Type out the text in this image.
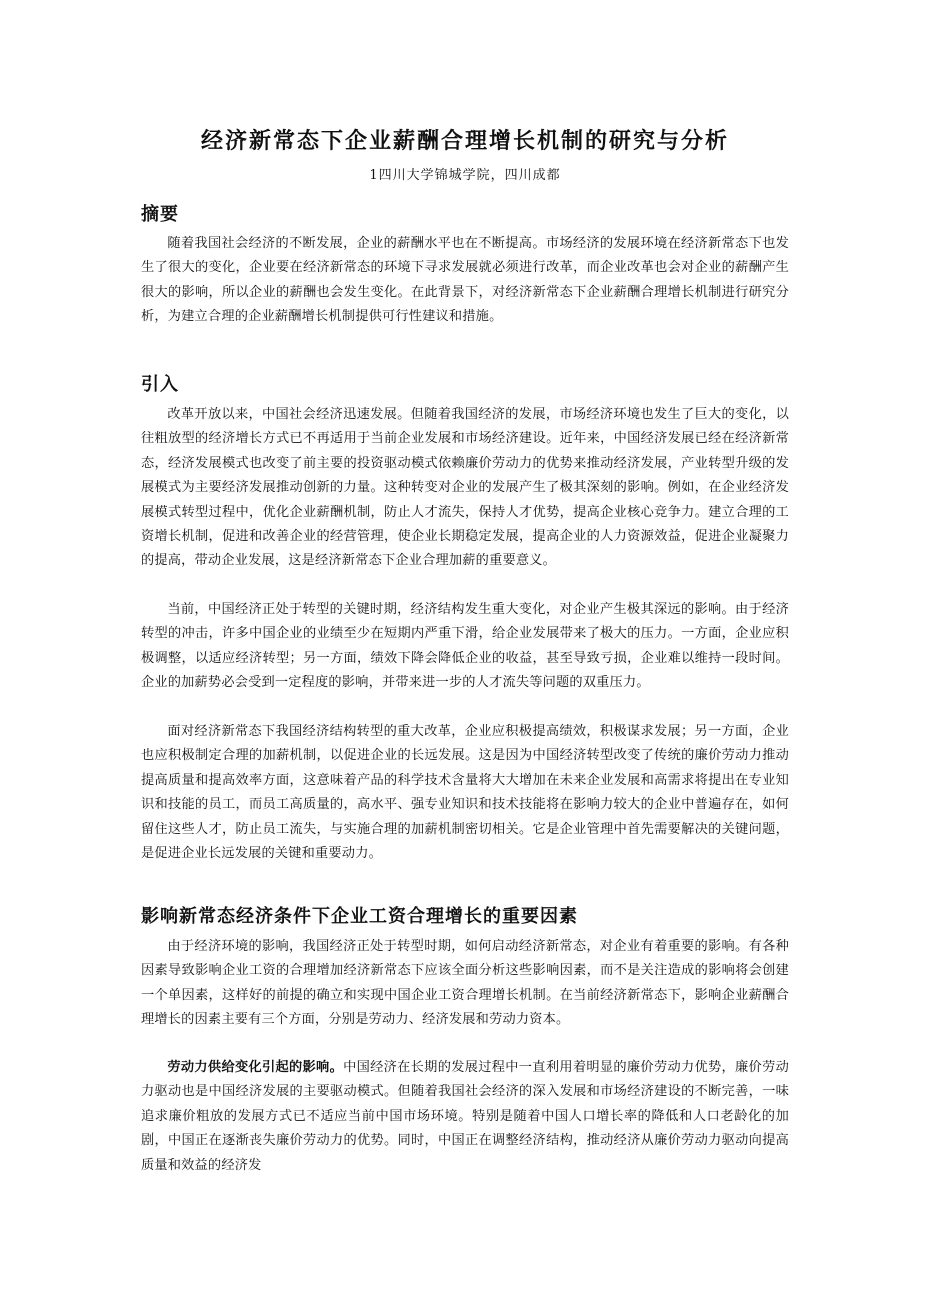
经济新常态下企业薪酬合理增长机制的研究与分析
1四川大学锦城学院，四川成都
摘要

随着我国社会经济的不断发展，企业的薪酬水平也在不断提高。市场经济的发展环境在经济新常态下也发生了很大的变化，企业要在经济新常态的环境下寻求发展就必须进行改革，而企业改革也会对企业的薪酬产生很大的影响，所以企业的薪酬也会发生变化。在此背景下，对经济新常态下企业薪酬合理增长机制进行研究分析，为建立合理的企业薪酬增长机制提供可行性建议和措施。

引入

改革开放以来，中国社会经济迅速发展。但随着我国经济的发展，市场经济环境也发生了巨大的变化，以往粗放型的经济增长方式已不再适用于当前企业发展和市场经济建设。近年来，中国经济发展已经在经济新常态，经济发展模式也改变了前主要的投资驱动模式依赖廉价劳动力的优势来推动经济发展，产业转型升级的发展模式为主要经济发展推动创新的力量。这种转变对企业的发展产生了极其深刻的影响。例如，在企业经济发展模式转型过程中，优化企业薪酬机制，防止人才流失，保持人才优势，提高企业核心竞争力。建立合理的工资增长机制，促进和改善企业的经营管理，使企业长期稳定发展，提高企业的人力资源效益，促进企业凝聚力的提高，带动企业发展，这是经济新常态下企业合理加薪的重要意义。

当前，中国经济正处于转型的关键时期，经济结构发生重大变化，对企业产生极其深远的影响。由于经济转型的冲击，许多中国企业的业绩至少在短期内严重下滑，给企业发展带来了极大的压力。一方面，企业应积极调整，以适应经济转型；另一方面，绩效下降会降低企业的收益，甚至导致亏损，企业难以维持一段时间。企业的加薪势必会受到一定程度的影响，并带来进一步的人才流失等问题的双重压力。

面对经济新常态下我国经济结构转型的重大改革，企业应积极提高绩效，积极谋求发展；另一方面，企业也应积极制定合理的加薪机制，以促进企业的长远发展。这是因为中国经济转型改变了传统的廉价劳动力推动提高质量和提高效率方面，这意味着产品的科学技术含量将大大增加在未来企业发展和高需求将提出在专业知识和技能的员工，而员工高质量的，高水平、强专业知识和技术技能将在影响力较大的企业中普遍存在，如何留住这些人才，防止员工流失，与实施合理的加薪机制密切相关。它是企业管理中首先需要解决的关键问题，是促进企业长远发展的关键和重要动力。

影响新常态经济条件下企业工资合理增长的重要因素

由于经济环境的影响，我国经济正处于转型时期，如何启动经济新常态，对企业有着重要的影响。有各种因素导致影响企业工资的合理增加经济新常态下应该全面分析这些影响因素，而不是关注造成的影响将会创建一个单因素，这样好的前提的确立和实现中国企业工资合理增长机制。在当前经济新常态下，影响企业薪酬合理增长的因素主要有三个方面，分别是劳动力、经济发展和劳动力资本。

劳动力供给变化引起的影响。中国经济在长期的发展过程中一直利用着明显的廉价劳动力优势，廉价劳动力驱动也是中国经济发展的主要驱动模式。但随着我国社会经济的深入发展和市场经济建设的不断完善，一味追求廉价粗放的发展方式已不适应当前中国市场环境。特别是随着中国人口增长率的降低和人口老龄化的加剧，中国正在逐渐丧失廉价劳动力的优势。同时，中国正在调整经济结构，推动经济从廉价劳动力驱动向提高质量和效益的经济发
